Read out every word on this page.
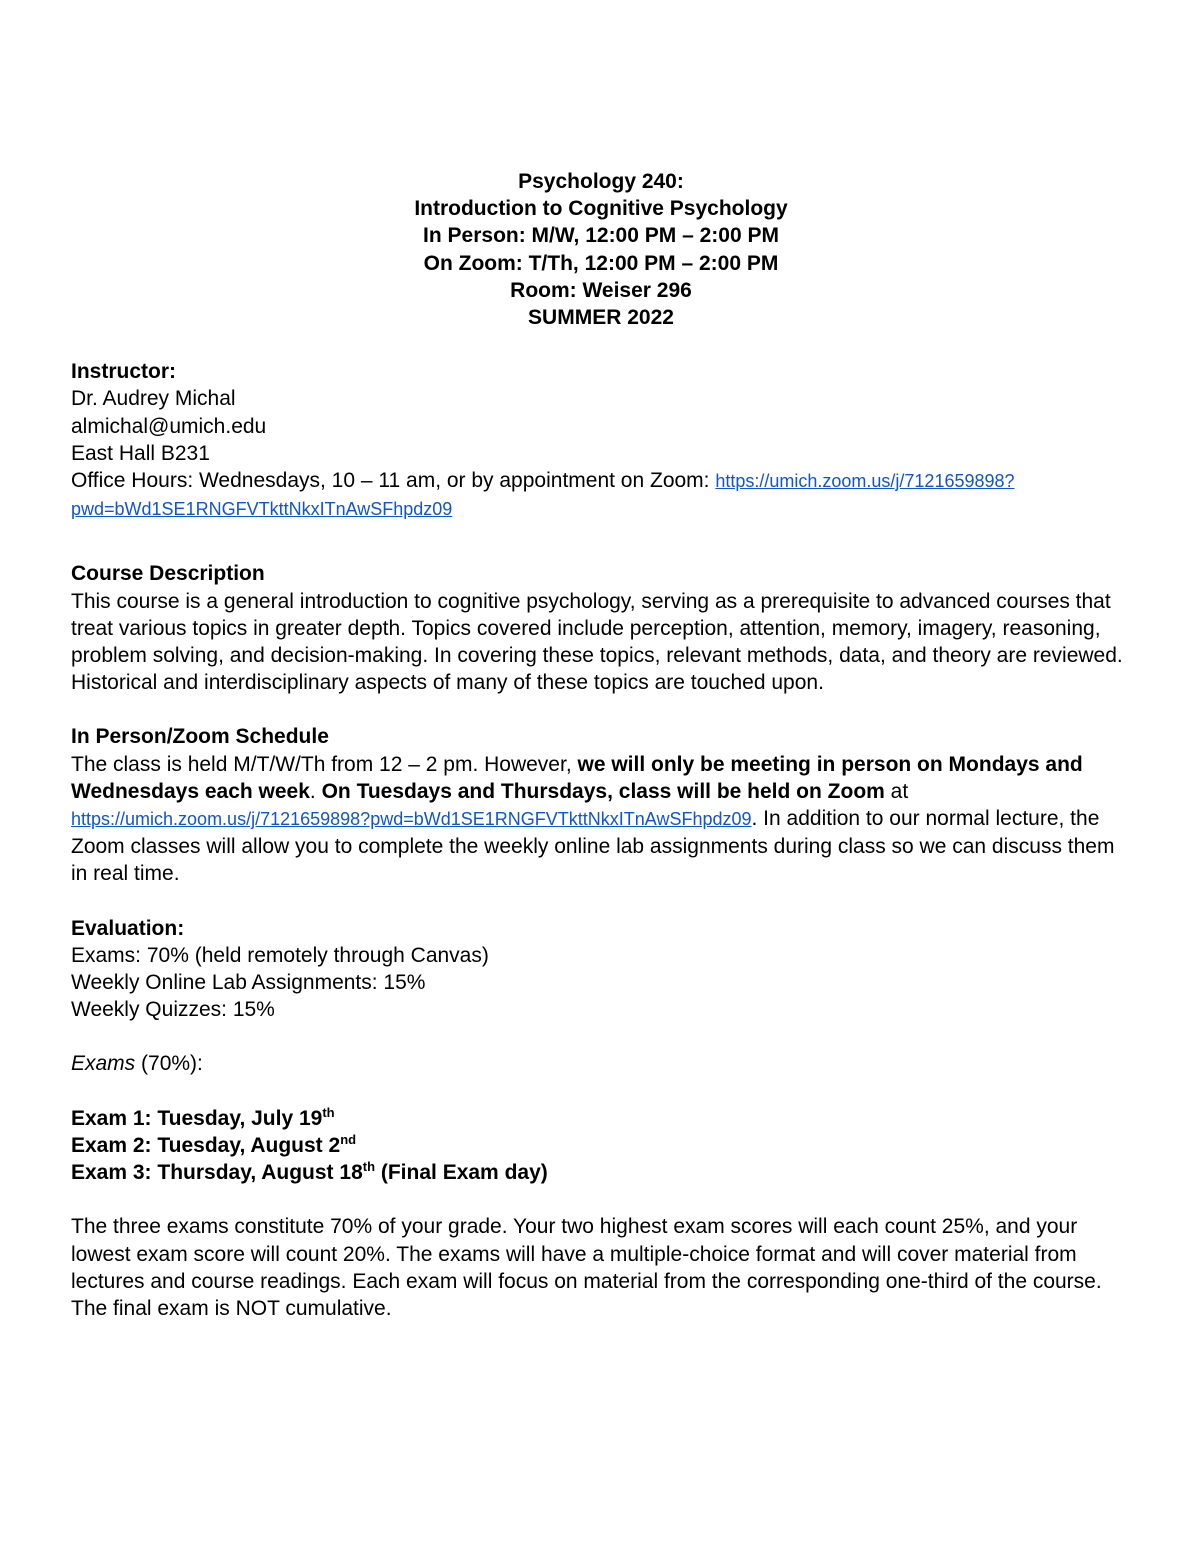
Psychology 240:
Introduction to Cognitive Psychology
In Person: M/W, 12:00 PM – 2:00 PM
On Zoom: T/Th, 12:00 PM – 2:00 PM
Room: Weiser 296
SUMMER 2022
Instructor:
Dr. Audrey Michal
almichal@umich.edu
East Hall B231
Office Hours: Wednesdays, 10 – 11 am, or by appointment on Zoom: https://umich.zoom.us/j/7121659898?pwd=bWd1SE1RNGFVTkttNkxITnAwSFhpdz09
Course Description

This course is a general introduction to cognitive psychology, serving as a prerequisite to advanced courses that treat various topics in greater depth. Topics covered include perception, attention, memory, imagery, reasoning, problem solving, and decision-making. In covering these topics, relevant methods, data, and theory are reviewed. Historical and interdisciplinary aspects of many of these topics are touched upon.

In Person/Zoom Schedule

The class is held M/T/W/Th from 12 – 2 pm. However, we will only be meeting in person on Mondays and Wednesdays each week. On Tuesdays and Thursdays, class will be held on Zoom at https://umich.zoom.us/j/7121659898?pwd=bWd1SE1RNGFVTkttNkxITnAwSFhpdz09. In addition to our normal lecture, the Zoom classes will allow you to complete the weekly online lab assignments during class so we can discuss them in real time.

Evaluation:
Exams: 70% (held remotely through Canvas)
Weekly Online Lab Assignments: 15%
Weekly Quizzes: 15%
Exams (70%):
Exam 1: Tuesday, July 19th
Exam 2: Tuesday, August 2nd
Exam 3: Thursday, August 18th (Final Exam day)

The three exams constitute 70% of your grade. Your two highest exam scores will each count 25%, and your lowest exam score will count 20%. The exams will have a multiple-choice format and will cover material from lectures and course readings. Each exam will focus on material from the corresponding one-third of the course. The final exam is NOT cumulative.
